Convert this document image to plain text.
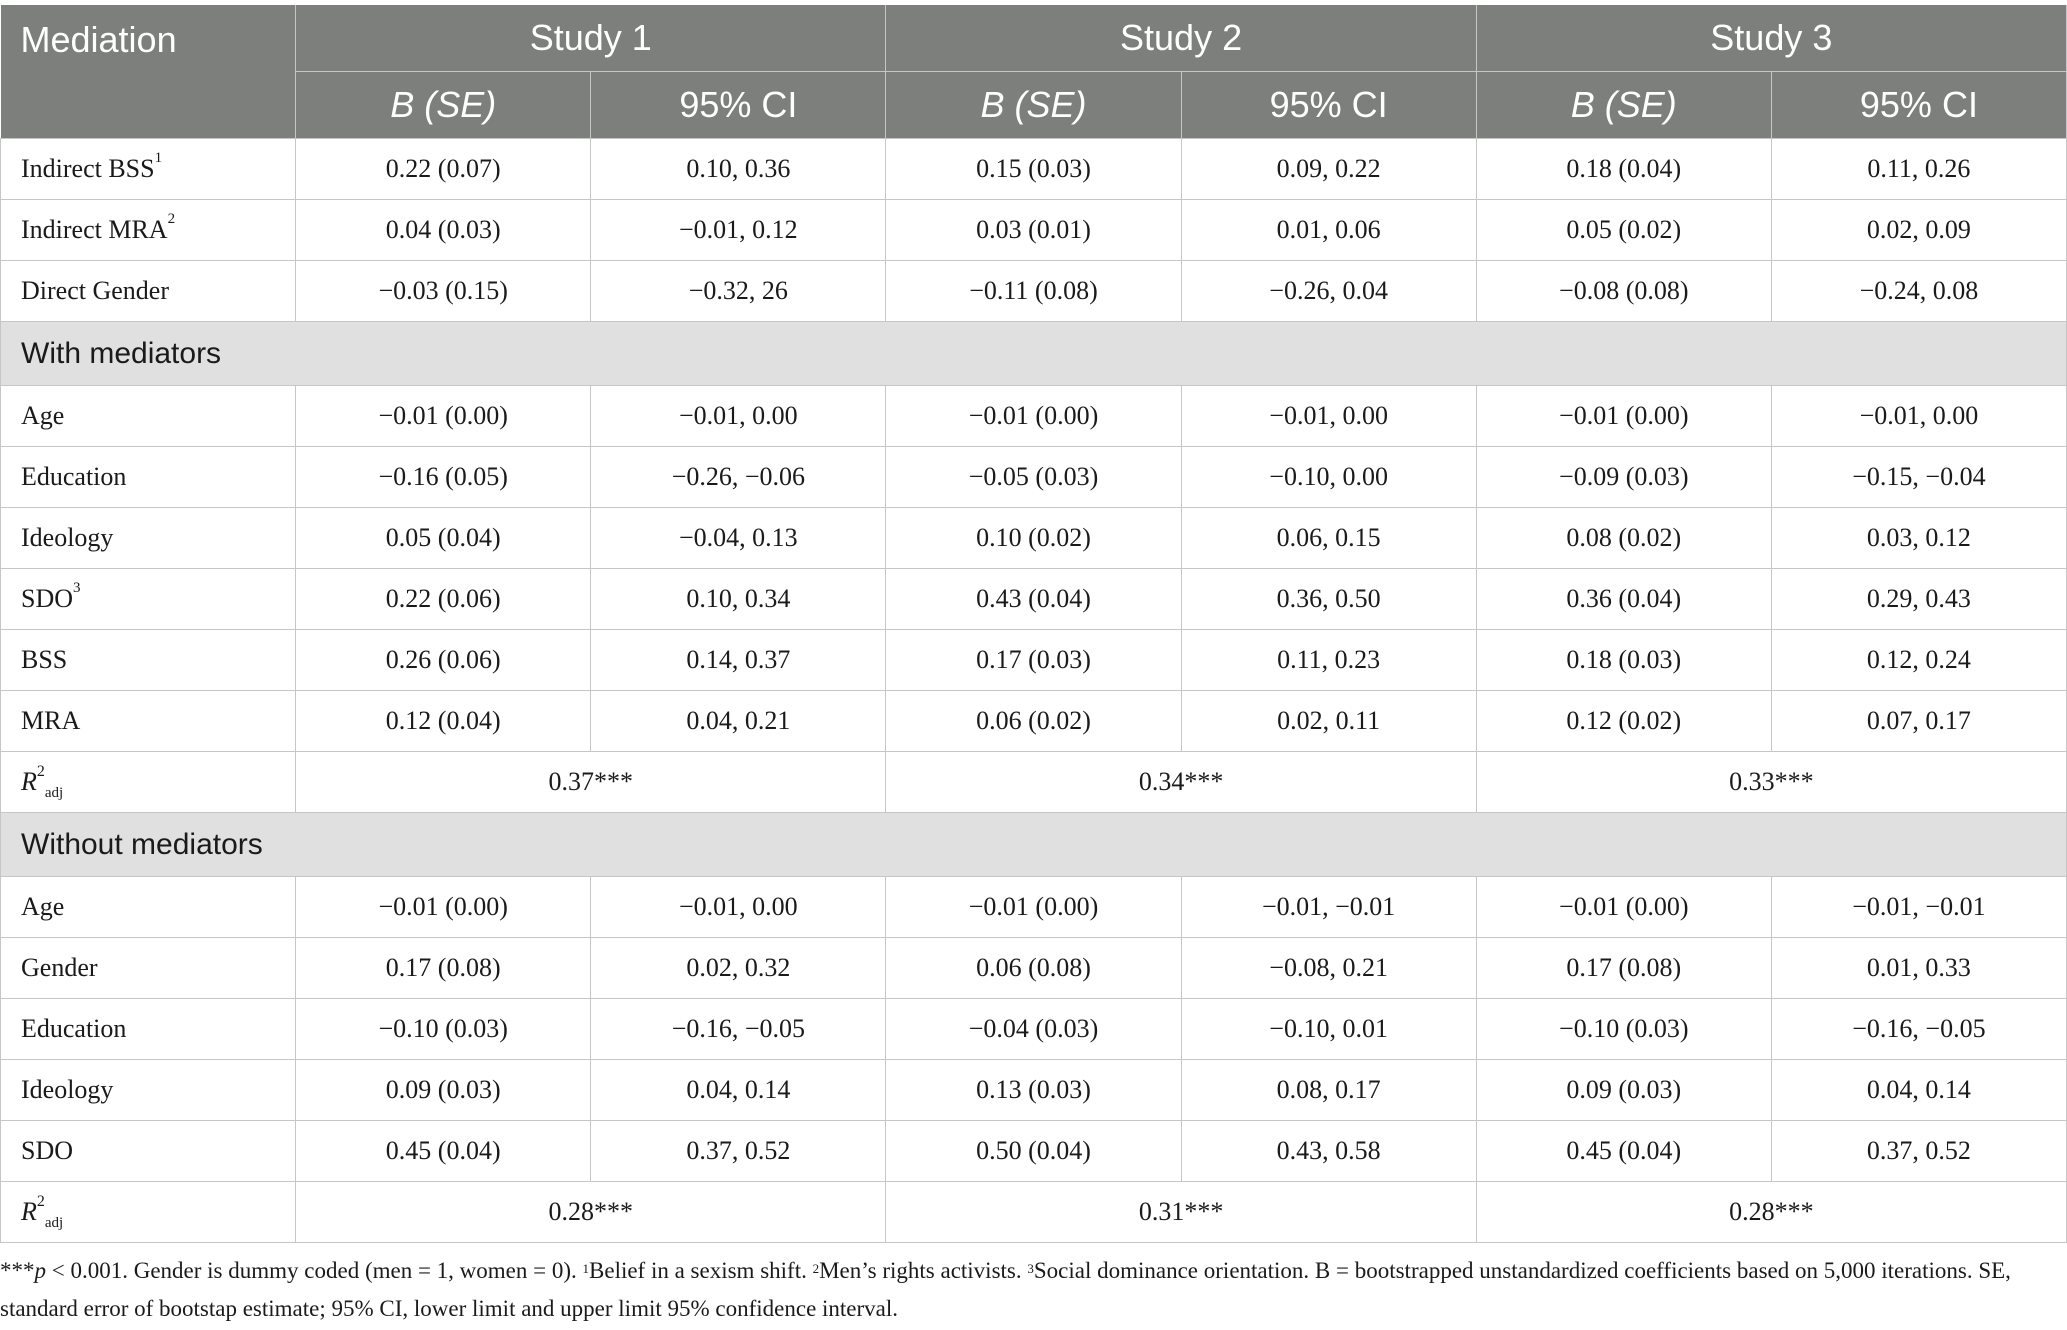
Mediation	Study 1		Study 2		Study 3	
	B (SE)	95% CI	B (SE)	95% CI	B (SE)	95% CI
Indirect BSS$^1$	0.22 (0.07)	0.10, 0.36	0.15 (0.03)	0.09, 0.22	0.18 (0.04)	0.11, 0.26
Indirect MRA$^2$	0.04 (0.03)	−0.01, 0.12	0.03 (0.01)	0.01, 0.06	0.05 (0.02)	0.02, 0.09
Direct Gender	−0.03 (0.15)	−0.32, 26	−0.11 (0.08)	−0.26, 0.04	−0.08 (0.08)	−0.24, 0.08
With mediators						
Age	−0.01 (0.00)	−0.01, 0.00	−0.01 (0.00)	−0.01, 0.00	−0.01 (0.00)	−0.01, 0.00
Education	−0.16 (0.05)	−0.26, −0.06	−0.05 (0.03)	−0.10, 0.00	−0.09 (0.03)	−0.15, −0.04
Ideology	0.05 (0.04)	−0.04, 0.13	0.10 (0.02)	0.06, 0.15	0.08 (0.02)	0.03, 0.12
SDO$^3$	0.22 (0.06)	0.10, 0.34	0.43 (0.04)	0.36, 0.50	0.36 (0.04)	0.29, 0.43
BSS	0.26 (0.06)	0.14, 0.37	0.17 (0.03)	0.11, 0.23	0.18 (0.03)	0.12, 0.24
MRA	0.12 (0.04)	0.04, 0.21	0.06 (0.02)	0.02, 0.11	0.12 (0.02)	0.07, 0.17
$R^2_{adj}$	0.37***		0.34***		0.33***	
Without mediators						
Age	−0.01 (0.00)	−0.01, 0.00	−0.01 (0.00)	−0.01, −0.01	−0.01 (0.00)	−0.01, −0.01
Gender	0.17 (0.08)	0.02, 0.32	0.06 (0.08)	−0.08, 0.21	0.17 (0.08)	0.01, 0.33
Education	−0.10 (0.03)	−0.16, −0.05	−0.04 (0.03)	−0.10, 0.01	−0.10 (0.03)	−0.16, −0.05
Ideology	0.09 (0.03)	0.04, 0.14	0.13 (0.03)	0.08, 0.17	0.09 (0.03)	0.04, 0.14
SDO	0.45 (0.04)	0.37, 0.52	0.50 (0.04)	0.43, 0.58	0.45 (0.04)	0.37, 0.52
$R^2_{adj}$	0.28***		0.31***		0.28***	

***p < 0.001. Gender is dummy coded (men = 1, women = 0). $^1$Belief in a sexism shift. $^2$Men’s rights activists. $^3$Social dominance orientation. B = bootstrapped unstandardized coefficients based on 5,000 iterations. SE, standard error of bootstap estimate; 95% CI, lower limit and upper limit 95% confidence interval.
